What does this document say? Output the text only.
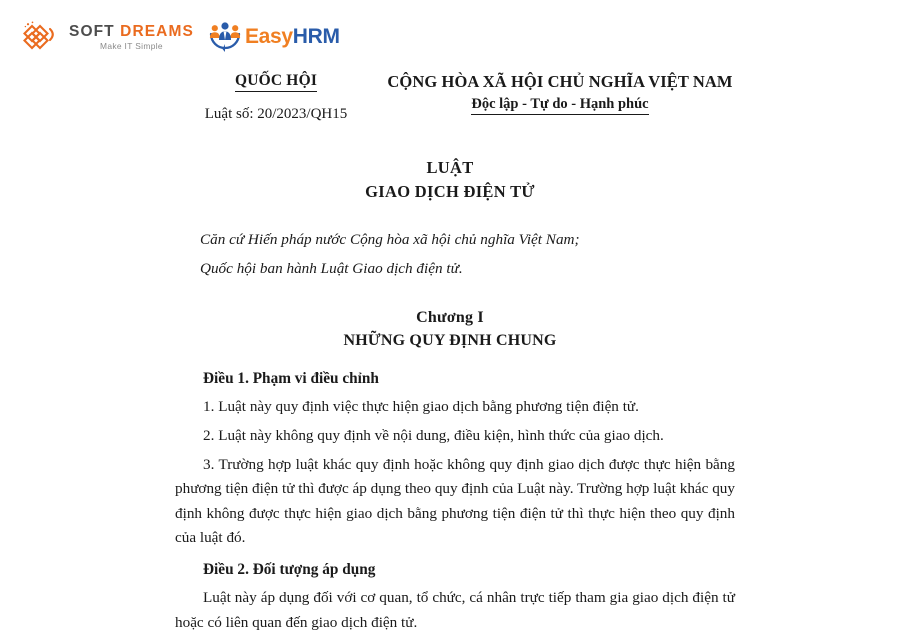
SOFT DREAMS
Make IT Simple	EasyHRM
QUỐC HỘI
Luật số: 20/2023/QH15
CỘNG HÒA XÃ HỘI CHỦ NGHĨA VIỆT NAM
Độc lập - Tự do - Hạnh phúc
LUẬT
GIAO DỊCH ĐIỆN TỬ

Căn cứ Hiến pháp nước Cộng hòa xã hội chủ nghĩa Việt Nam;

Quốc hội ban hành Luật Giao dịch điện tử.

Chương I
NHỮNG QUY ĐỊNH CHUNG

Điều 1. Phạm vi điều chỉnh

1. Luật này quy định việc thực hiện giao dịch bằng phương tiện điện tử.

2. Luật này không quy định về nội dung, điều kiện, hình thức của giao dịch.

3. Trường hợp luật khác quy định hoặc không quy định giao dịch được thực hiện bằng phương tiện điện tử thì được áp dụng theo quy định của Luật này. Trường hợp luật khác quy định không được thực hiện giao dịch bằng phương tiện điện tử thì thực hiện theo quy định của luật đó.

Điều 2. Đối tượng áp dụng

Luật này áp dụng đối với cơ quan, tổ chức, cá nhân trực tiếp tham gia giao dịch điện tử hoặc có liên quan đến giao dịch điện tử.
